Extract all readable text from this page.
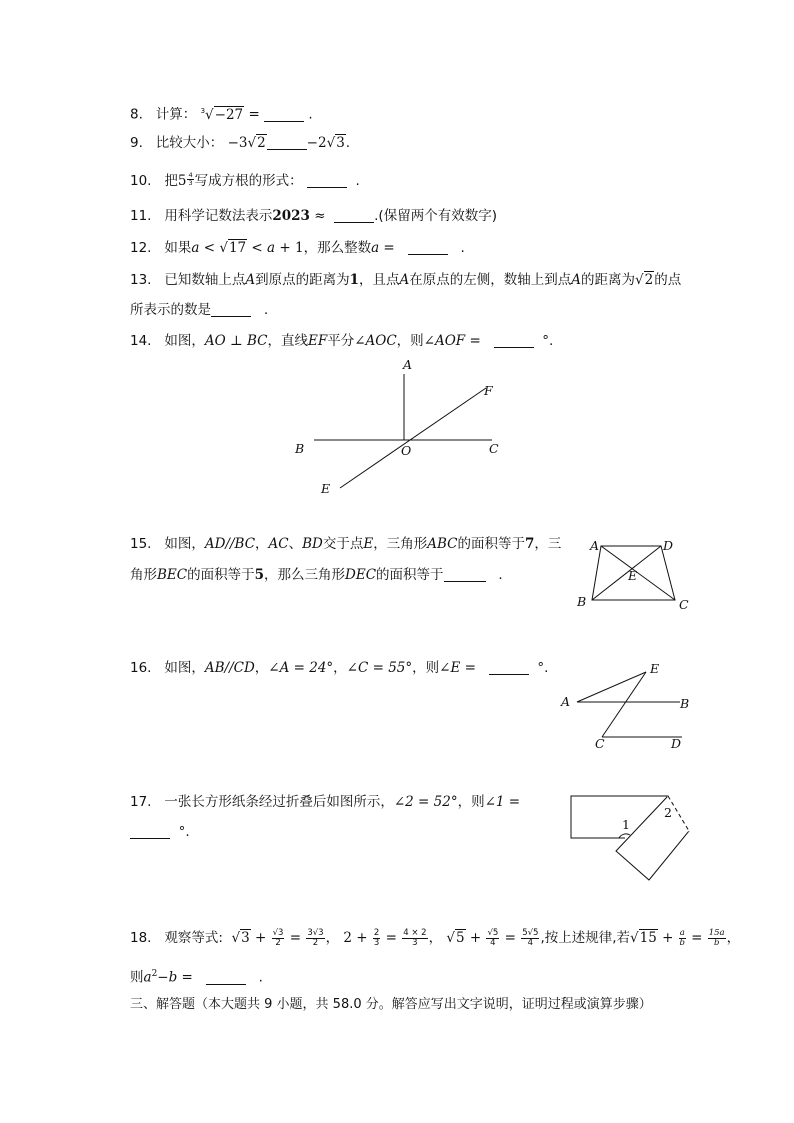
8. 计算： $^3$√−27 =	.
9. 比较大小： −3√2	−2√3.
10. 把$5 \frac{4}{3}$ 写成方根的形式：	.
11. 用科学记数法表示2023 ≈	.(保留两个有效数字)
12. 如果a < √17 < a + 1，那么整数a =	.
13. 已知数轴上点A到原点的距离为1，且点A在原点的左侧，数轴上到点A的距离为√2的点
所表示的数是	.
14. 如图，AO ⊥ BC，直线EF平分∠AOC，则∠AOF =	°.
A
F
B	O	C
E
15. 如图，AD//BC，AC、BD交于点E，三角形ABC的面积等于7，三
角形BEC的面积等于5，那么三角形DEC的面积等于	.
A	D
E
B	C
16. 如图，AB//CD，∠A = 24°，∠C = 55°，则∠E =	°.	E
A	B
C	D
17. 一张长方形纸条经过折叠后如图所示，∠2 = 52°，则∠1 =
°.	1
2
18. 观察等式: $√3 + \frac{√3}{2} = \frac{3√3}{2}$ ， $2 + \frac{2}{3} = \frac{4 \times 2}{3}$ ， $√5 + \frac{√5}{4} = \frac{5√5}{4}$ ,按上述规律,若$√15 + \frac{a}{b} = \frac{15a}{b}$ ，
则$a^2-b$ =	.
三、解答题（本大题共 9 小题，共 58.0 分。解答应写出文字说明，证明过程或演算步骤）
